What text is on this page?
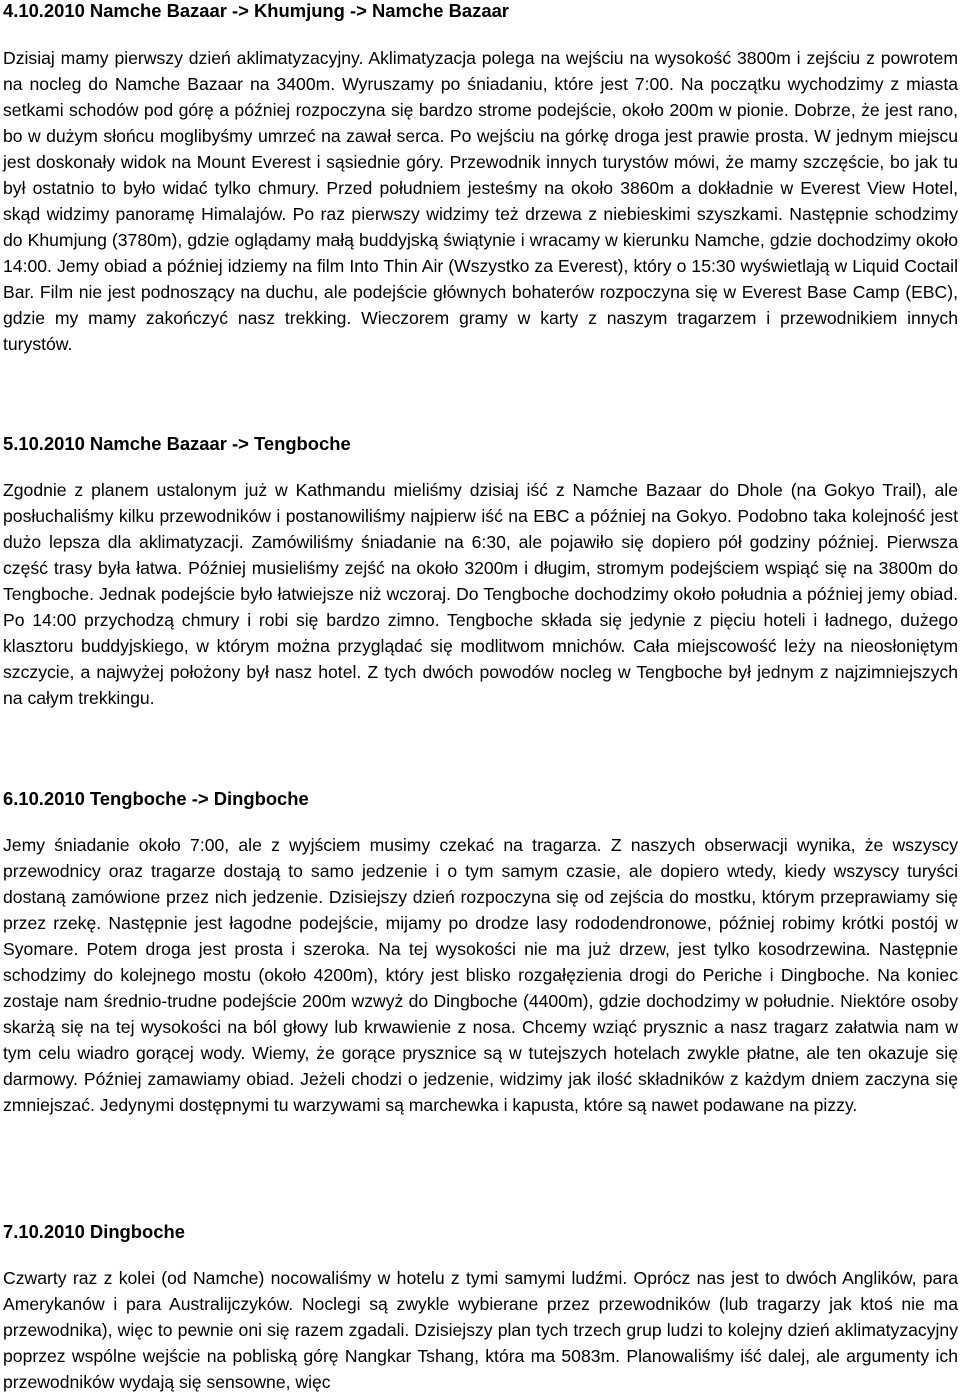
4.10.2010 Namche Bazaar -> Khumjung -> Namche Bazaar

Dzisiaj mamy pierwszy dzień aklimatyzacyjny. Aklimatyzacja polega na wejściu na wysokość 3800m i zejściu z powrotem na nocleg do Namche Bazaar na 3400m. Wyruszamy po śniadaniu, które jest 7:00. Na początku wychodzimy z miasta setkami schodów pod górę a później rozpoczyna się bardzo strome podejście, około 200m w pionie. Dobrze, że jest rano, bo w dużym słońcu moglibyśmy umrzeć na zawał serca. Po wejściu na górkę droga jest prawie prosta. W jednym miejscu jest doskonały widok na Mount Everest i sąsiednie góry. Przewodnik innych turystów mówi, że mamy szczęście, bo jak tu był ostatnio to było widać tylko chmury. Przed południem jesteśmy na około 3860m a dokładnie w Everest View Hotel, skąd widzimy panoramę Himalajów. Po raz pierwszy widzimy też drzewa z niebieskimi szyszkami. Następnie schodzimy do Khumjung (3780m), gdzie oglądamy małą buddyjską świątynie i wracamy w kierunku Namche, gdzie dochodzimy około 14:00. Jemy obiad a później idziemy na film Into Thin Air (Wszystko za Everest), który o 15:30 wyświetlają w Liquid Coctail Bar. Film nie jest podnoszący na duchu, ale podejście głównych bohaterów rozpoczyna się w Everest Base Camp (EBC), gdzie my mamy zakończyć nasz trekking. Wieczorem gramy w karty z naszym tragarzem i przewodnikiem innych turystów.

5.10.2010 Namche Bazaar -> Tengboche

Zgodnie z planem ustalonym już w Kathmandu mieliśmy dzisiaj iść z Namche Bazaar do Dhole (na Gokyo Trail), ale posłuchaliśmy kilku przewodników i postanowiliśmy najpierw iść na EBC a później na Gokyo. Podobno taka kolejność jest dużo lepsza dla aklimatyzacji. Zamówiliśmy śniadanie na 6:30, ale pojawiło się dopiero pół godziny później. Pierwsza część trasy była łatwa. Później musieliśmy zejść na około 3200m i długim, stromym podejściem wspiąć się na 3800m do Tengboche. Jednak podejście było łatwiejsze niż wczoraj. Do Tengboche dochodzimy około południa a później jemy obiad. Po 14:00 przychodzą chmury i robi się bardzo zimno. Tengboche składa się jedynie z pięciu hoteli i ładnego, dużego klasztoru buddyjskiego, w którym można przyglądać się modlitwom mnichów. Cała miejscowość leży na nieosłoniętym szczycie, a najwyżej położony był nasz hotel. Z tych dwóch powodów nocleg w Tengboche był jednym z najzimniejszych na całym trekkingu.

6.10.2010 Tengboche -> Dingboche

Jemy śniadanie około 7:00, ale z wyjściem musimy czekać na tragarza. Z naszych obserwacji wynika, że wszyscy przewodnicy oraz tragarze dostają to samo jedzenie i o tym samym czasie, ale dopiero wtedy, kiedy wszyscy turyści dostaną zamówione przez nich jedzenie. Dzisiejszy dzień rozpoczyna się od zejścia do mostku, którym przeprawiamy się przez rzekę. Następnie jest łagodne podejście, mijamy po drodze lasy rododendronowe, później robimy krótki postój w Syomare. Potem droga jest prosta i szeroka. Na tej wysokości nie ma już drzew, jest tylko kosodrzewina. Następnie schodzimy do kolejnego mostu (około 4200m), który jest blisko rozgałęzienia drogi do Periche i Dingboche. Na koniec zostaje nam średnio-trudne podejście 200m wzwyż do Dingboche (4400m), gdzie dochodzimy w południe. Niektóre osoby skarżą się na tej wysokości na ból głowy lub krwawienie z nosa. Chcemy wziąć prysznic a nasz tragarz załatwia nam w tym celu wiadro gorącej wody. Wiemy, że gorące prysznice są w tutejszych hotelach zwykle płatne, ale ten okazuje się darmowy. Później zamawiamy obiad. Jeżeli chodzi o jedzenie, widzimy jak ilość składników z każdym dniem zaczyna się zmniejszać. Jedynymi dostępnymi tu warzywami są marchewka i kapusta, które są nawet podawane na pizzy.

7.10.2010 Dingboche

Czwarty raz z kolei (od Namche) nocowaliśmy w hotelu z tymi samymi ludźmi. Oprócz nas jest to dwóch Anglików, para Amerykanów i para Australijczyków. Noclegi są zwykle wybierane przez przewodników (lub tragarzy jak ktoś nie ma przewodnika), więc to pewnie oni się razem zgadali. Dzisiejszy plan tych trzech grup ludzi to kolejny dzień aklimatyzacyjny poprzez wspólne wejście na pobliską górę Nangkar Tshang, która ma 5083m. Planowaliśmy iść dalej, ale argumenty ich przewodników wydają się sensowne, więc
